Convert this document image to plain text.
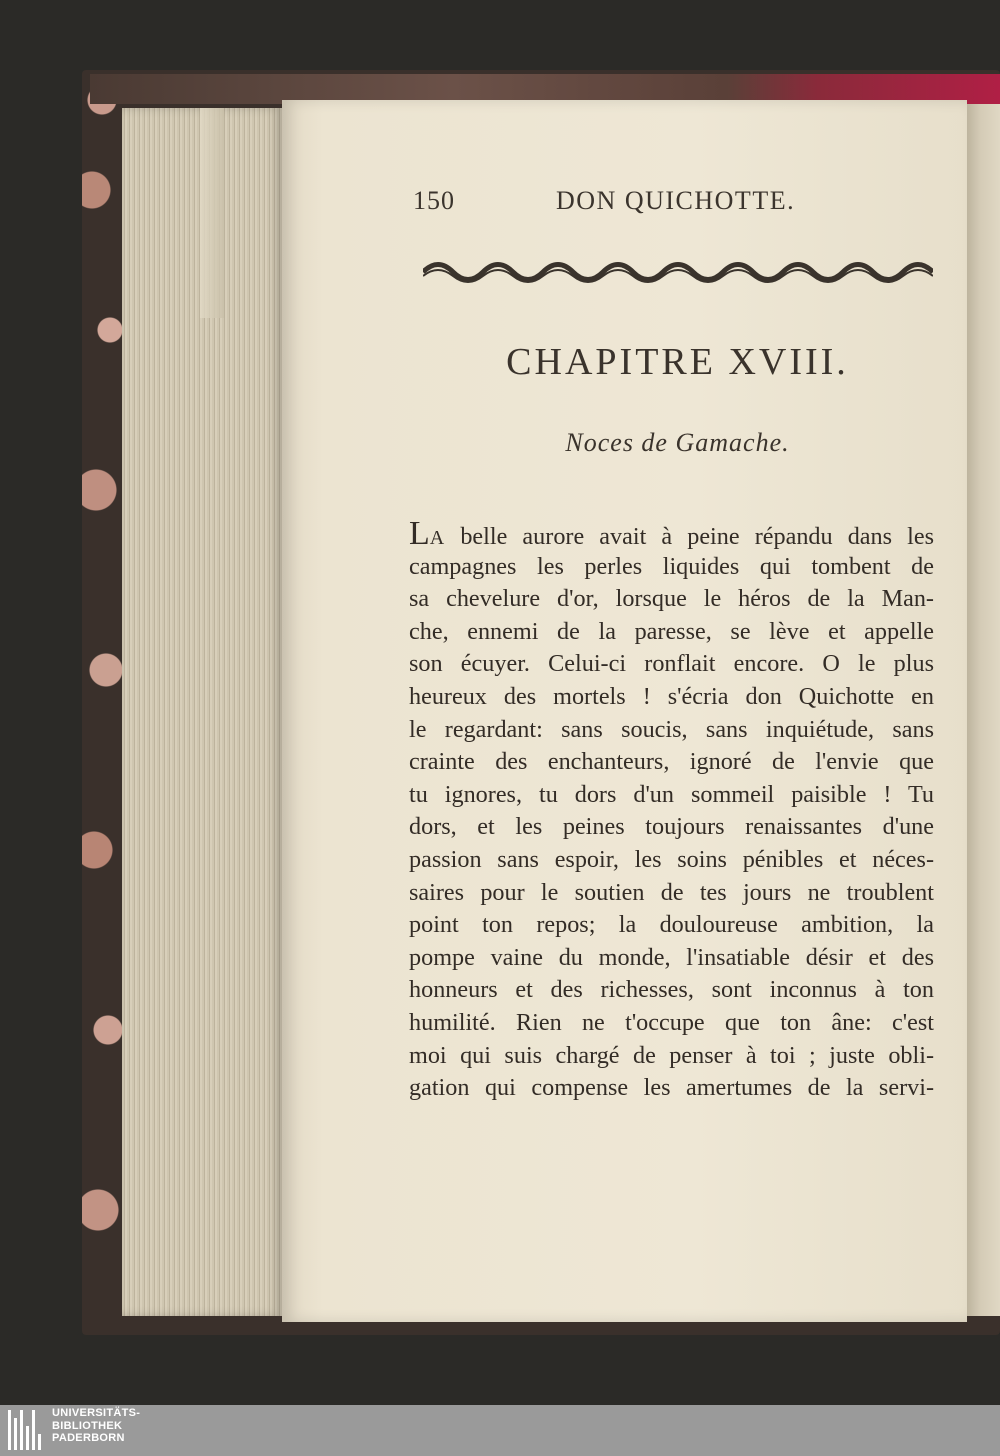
150	DON QUICHOTTE.
CHAPITRE XVIII.
Noces de Gamache.
LA belle aurore avait à peine répandu dans les
campagnes les perles liquides qui tombent de
sa chevelure d'or, lorsque le héros de la Man-
che, ennemi de la paresse, se lève et appelle
son écuyer. Celui-ci ronflait encore. O le plus
heureux des mortels ! s'écria don Quichotte en
le regardant: sans soucis, sans inquiétude, sans
crainte des enchanteurs, ignoré de l'envie que
tu ignores, tu dors d'un sommeil paisible ! Tu
dors, et les peines toujours renaissantes d'une
passion sans espoir, les soins pénibles et néces-
saires pour le soutien de tes jours ne troublent
point ton repos; la douloureuse ambition, la
pompe vaine du monde, l'insatiable désir et des
honneurs et des richesses, sont inconnus à ton
humilité. Rien ne t'occupe que ton âne: c'est
moi qui suis chargé de penser à toi ; juste obli-
gation qui compense les amertumes de la servi-
UNIVERSITÄTS-
BIBLIOTHEK
PADERBORN
